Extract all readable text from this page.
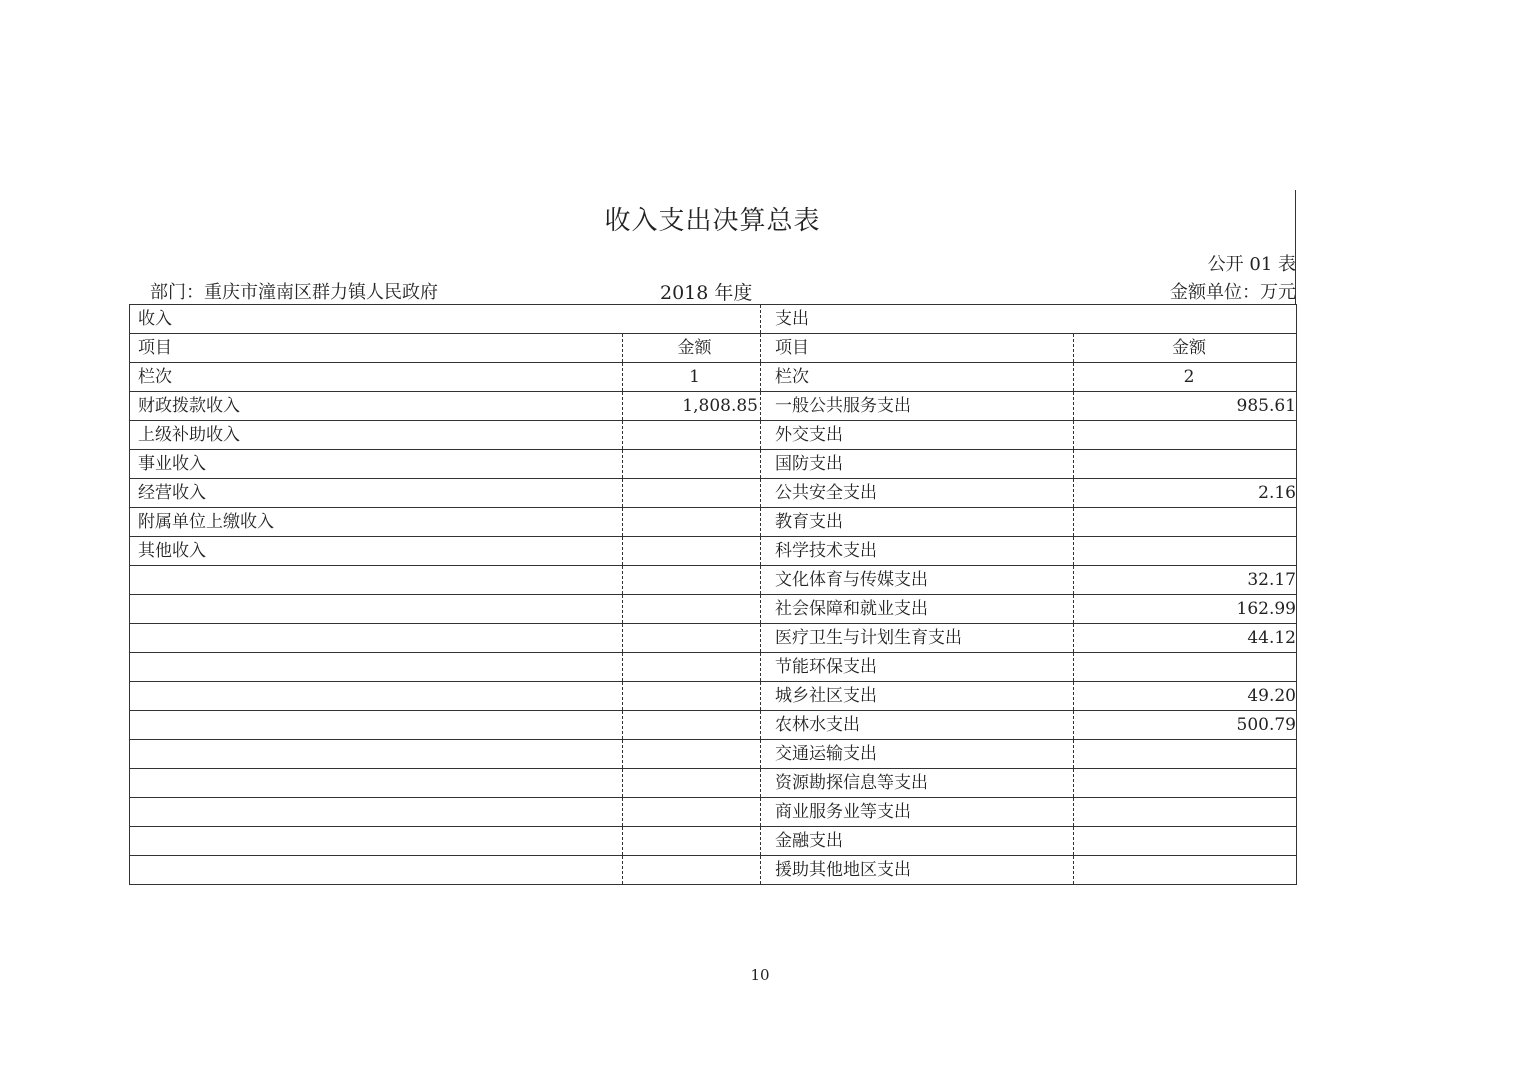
收入支出决算总表
公开 01 表
部门：重庆市潼南区群力镇人民政府	2018 年度	金额单位：万元
收入		支出	
项目	金额	项目	金额
栏次	1	栏次	2
财政拨款收入	1,808.85	一般公共服务支出	985.61
上级补助收入		外交支出	
事业收入		国防支出	
经营收入		公共安全支出	2.16
附属单位上缴收入		教育支出	
其他收入		科学技术支出	
		文化体育与传媒支出	32.17
		社会保障和就业支出	162.99
		医疗卫生与计划生育支出	44.12
		节能环保支出	
		城乡社区支出	49.20
		农林水支出	500.79
		交通运输支出	
		资源勘探信息等支出	
		商业服务业等支出	
		金融支出	
		援助其他地区支出	
10
